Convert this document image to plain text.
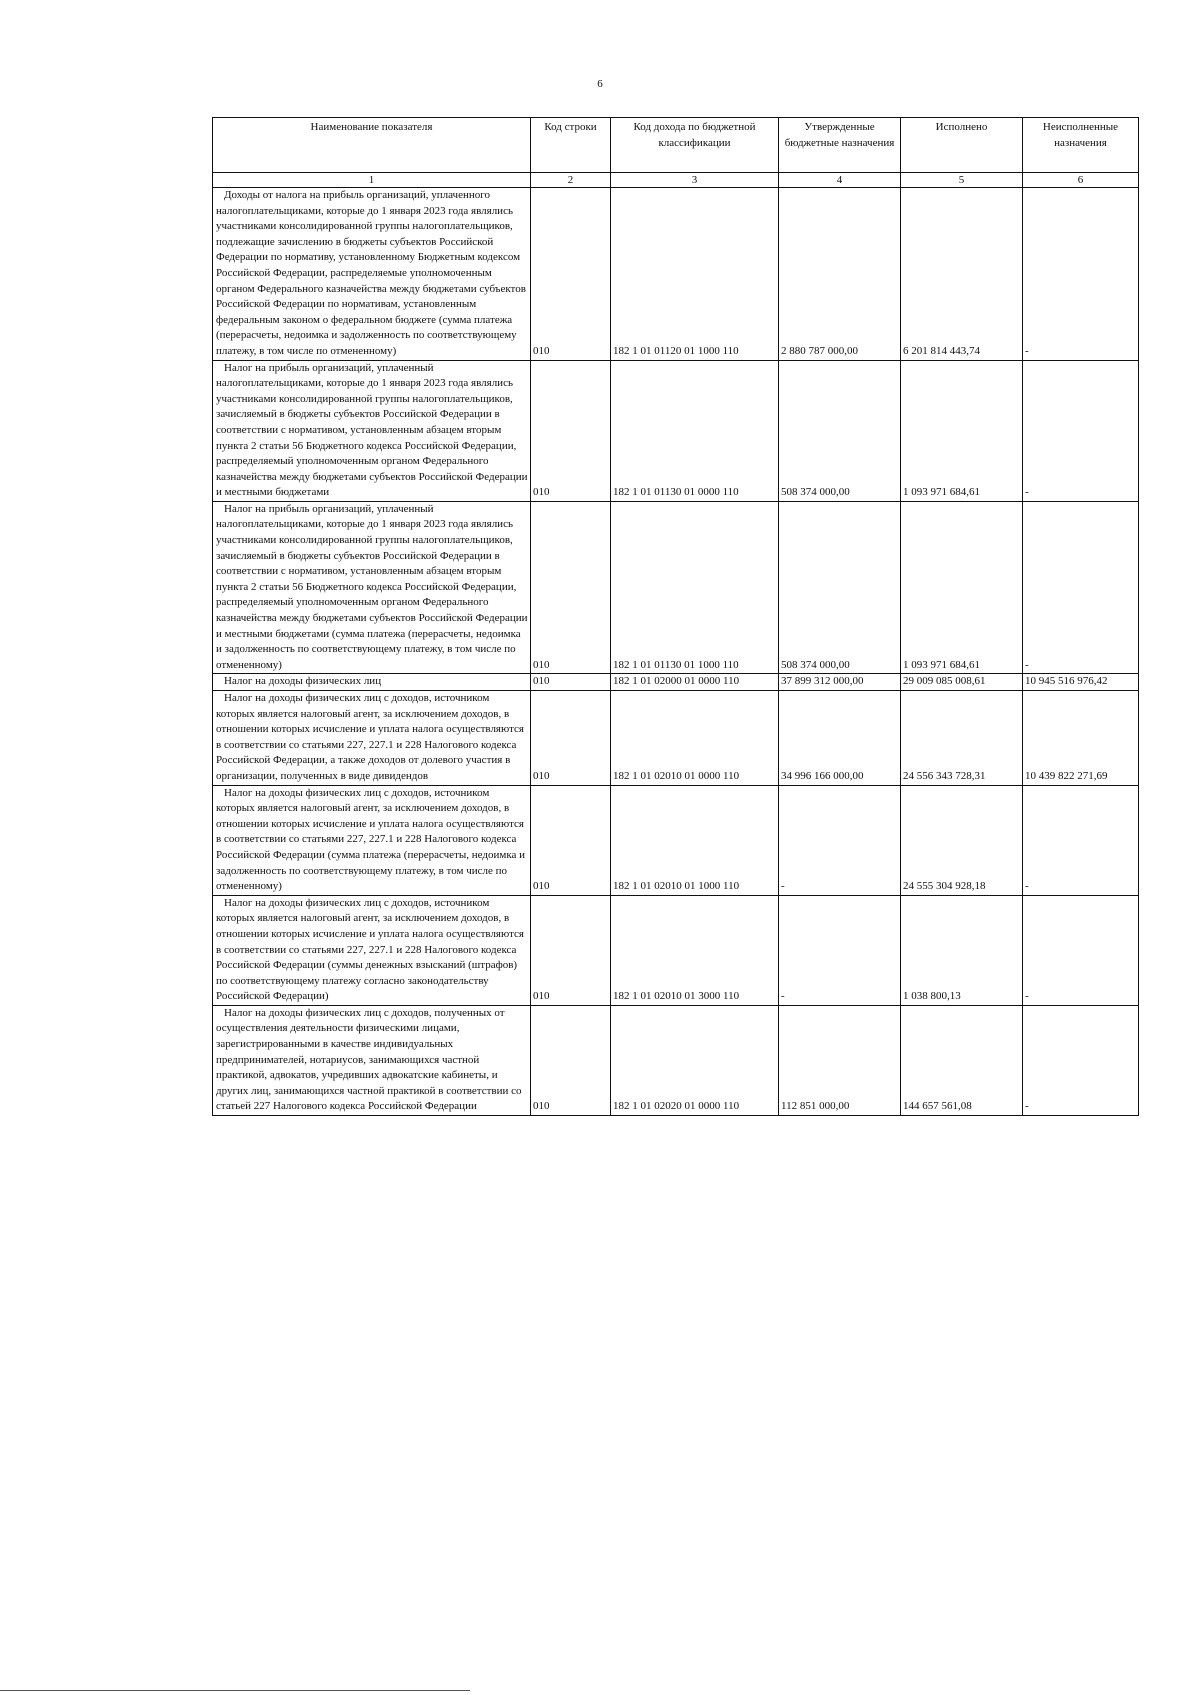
6
Наименование показателя	Код строки	Код дохода по бюджетной классификации	Утвержденные бюджетные назначения	Исполнено	Неисполненные назначения
1	2	3	4	5	6
Доходы от налога на прибыль организаций, уплаченного налогоплательщиками, которые до 1 января 2023 года являлись участниками консолидированной группы налогоплательщиков, подлежащие зачислению в бюджеты субъектов Российской Федерации по нормативу, установленному Бюджетным кодексом Российской Федерации, распределяемые уполномоченным органом Федерального казначейства между бюджетами субъектов Российской Федерации по нормативам, установленным федеральным законом о федеральном бюджете (сумма платежа (перерасчеты, недоимка и задолженность по соответствующему платежу, в том числе по отмененному)	010	182 1 01 01120 01 1000 110	2 880 787 000,00	6 201 814 443,74	-
Налог на прибыль организаций, уплаченный налогоплательщиками, которые до 1 января 2023 года являлись участниками консолидированной группы налогоплательщиков, зачисляемый в бюджеты субъектов Российской Федерации в соответствии с нормативом, установленным абзацем вторым пункта 2 статьи 56 Бюджетного кодекса Российской Федерации, распределяемый уполномоченным органом Федерального казначейства между бюджетами субъектов Российской Федерации и местными бюджетами	010	182 1 01 01130 01 0000 110	508 374 000,00	1 093 971 684,61	-
Налог на прибыль организаций, уплаченный налогоплательщиками, которые до 1 января 2023 года являлись участниками консолидированной группы налогоплательщиков, зачисляемый в бюджеты субъектов Российской Федерации в соответствии с нормативом, установленным абзацем вторым пункта 2 статьи 56 Бюджетного кодекса Российской Федерации, распределяемый уполномоченным органом Федерального казначейства между бюджетами субъектов Российской Федерации и местными бюджетами (сумма платежа (перерасчеты, недоимка и задолженность по соответствующему платежу, в том числе по отмененному)	010	182 1 01 01130 01 1000 110	508 374 000,00	1 093 971 684,61	-
Налог на доходы физических лиц	010	182 1 01 02000 01 0000 110	37 899 312 000,00	29 009 085 008,61	10 945 516 976,42
Налог на доходы физических лиц с доходов, источником которых является налоговый агент, за исключением доходов, в отношении которых исчисление и уплата налога осуществляются в соответствии со статьями 227, 227.1 и 228 Налогового кодекса Российской Федерации, а также доходов от долевого участия в организации, полученных в виде дивидендов	010	182 1 01 02010 01 0000 110	34 996 166 000,00	24 556 343 728,31	10 439 822 271,69
Налог на доходы физических лиц с доходов, источником которых является налоговый агент, за исключением доходов, в отношении которых исчисление и уплата налога осуществляются в соответствии со статьями 227, 227.1 и 228 Налогового кодекса Российской Федерации (сумма платежа (перерасчеты, недоимка и задолженность по соответствующему платежу, в том числе по отмененному)	010	182 1 01 02010 01 1000 110	-	24 555 304 928,18	-
Налог на доходы физических лиц с доходов, источником которых является налоговый агент, за исключением доходов, в отношении которых исчисление и уплата налога осуществляются в соответствии со статьями 227, 227.1 и 228 Налогового кодекса Российской Федерации (суммы денежных взысканий (штрафов) по соответствующему платежу согласно законодательству Российской Федерации)	010	182 1 01 02010 01 3000 110	-	1 038 800,13	-
Налог на доходы физических лиц с доходов, полученных от осуществления деятельности физическими лицами, зарегистрированными в качестве индивидуальных предпринимателей, нотариусов, занимающихся частной практикой, адвокатов, учредивших адвокатские кабинеты, и других лиц, занимающихся частной практикой в соответствии со статьей 227 Налогового кодекса Российской Федерации	010	182 1 01 02020 01 0000 110	112 851 000,00	144 657 561,08	-
